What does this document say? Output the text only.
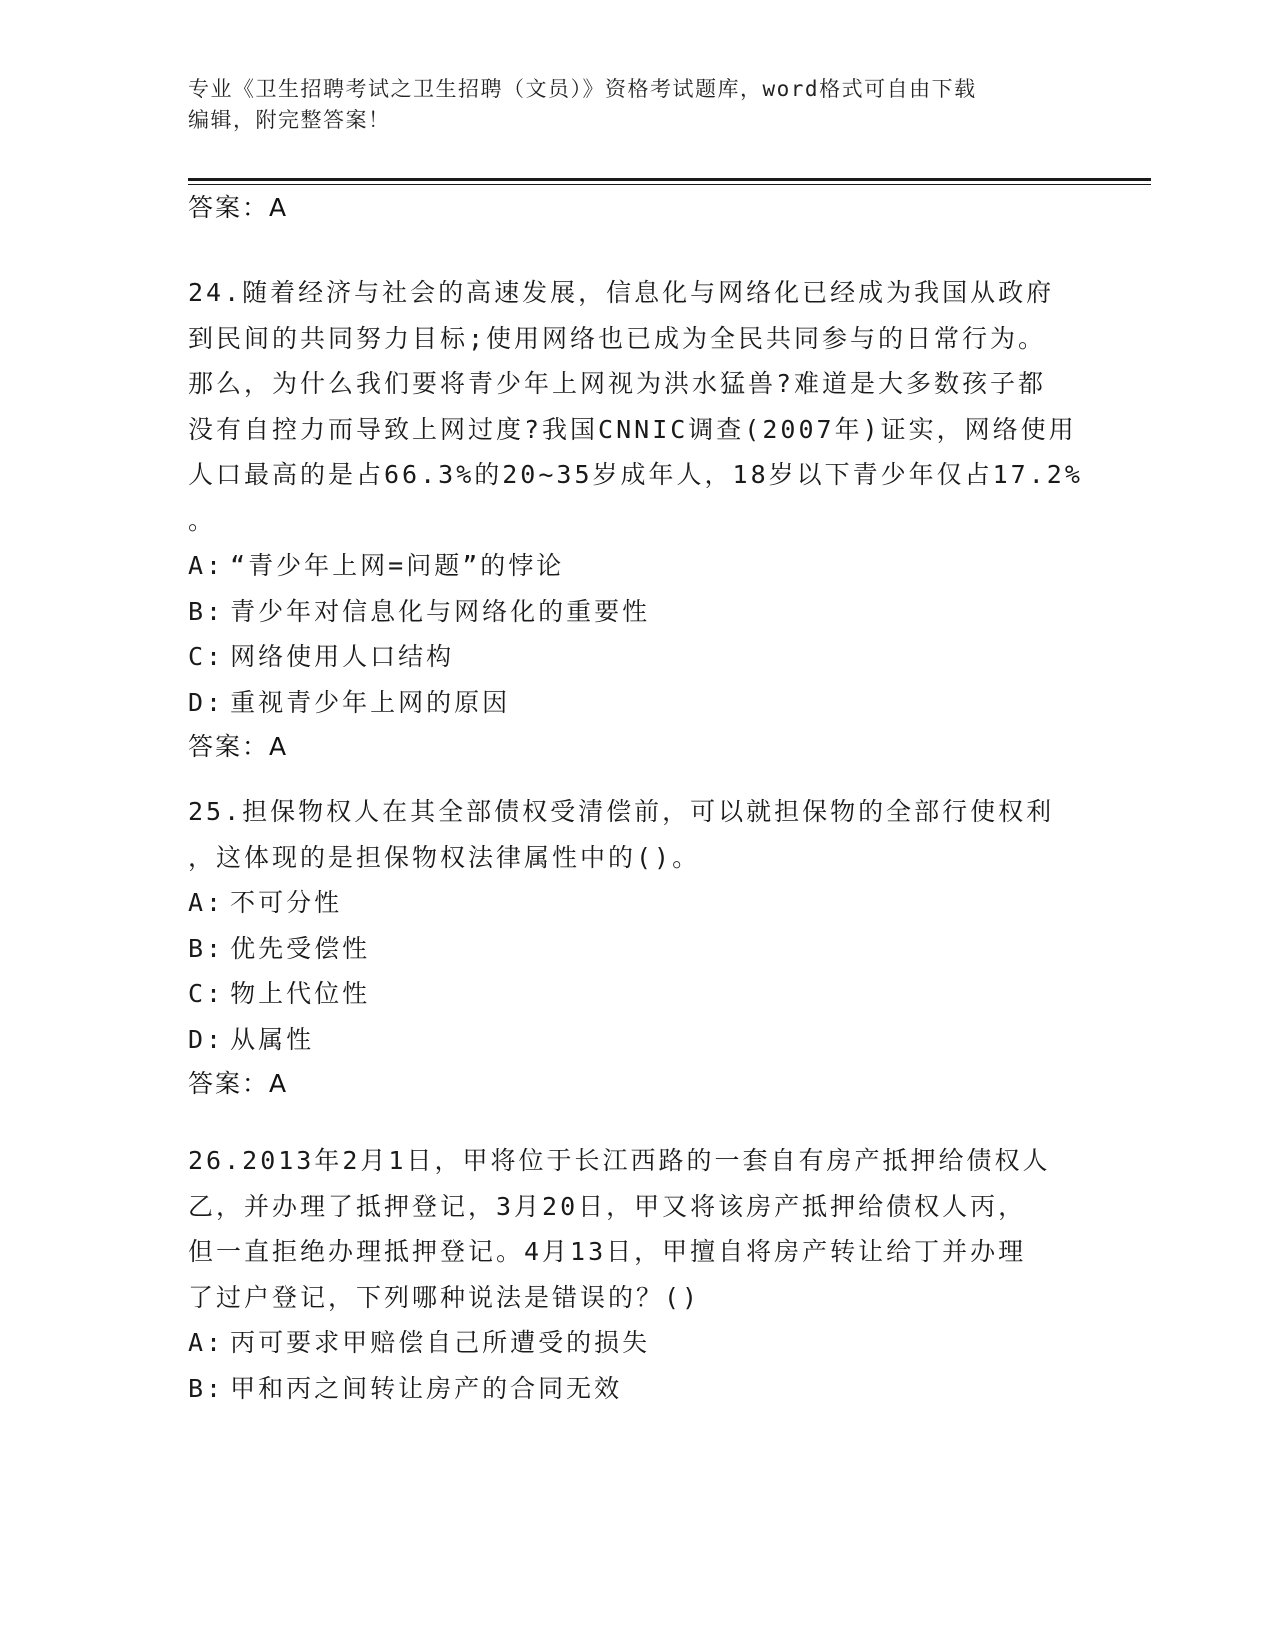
专业《卫生招聘考试之卫生招聘（文员）》资格考试题库，word格式可自由下载
编辑，附完整答案！
答案：A
24.随着经济与社会的高速发展，信息化与网络化已经成为我国从政府
到民间的共同努力目标;使用网络也已成为全民共同参与的日常行为。
那么，为什么我们要将青少年上网视为洪水猛兽?难道是大多数孩子都
没有自控力而导致上网过度?我国CNNIC调查(2007年)证实，网络使用
人口最高的是占66.3%的20~35岁成年人，18岁以下青少年仅占17.2%
。
A: “青少年上网=问题”的悖论
B: 青少年对信息化与网络化的重要性
C: 网络使用人口结构
D: 重视青少年上网的原因
答案：A
25.担保物权人在其全部债权受清偿前，可以就担保物的全部行使权利
，这体现的是担保物权法律属性中的()。
A: 不可分性
B: 优先受偿性
C: 物上代位性
D: 从属性
答案：A
26.2013年2月1日，甲将位于长江西路的一套自有房产抵押给债权人
乙，并办理了抵押登记，3月20日，甲又将该房产抵押给债权人丙，
但一直拒绝办理抵押登记。4月13日，甲擅自将房产转让给丁并办理
了过户登记，下列哪种说法是错误的？()
A: 丙可要求甲赔偿自己所遭受的损失
B: 甲和丙之间转让房产的合同无效
